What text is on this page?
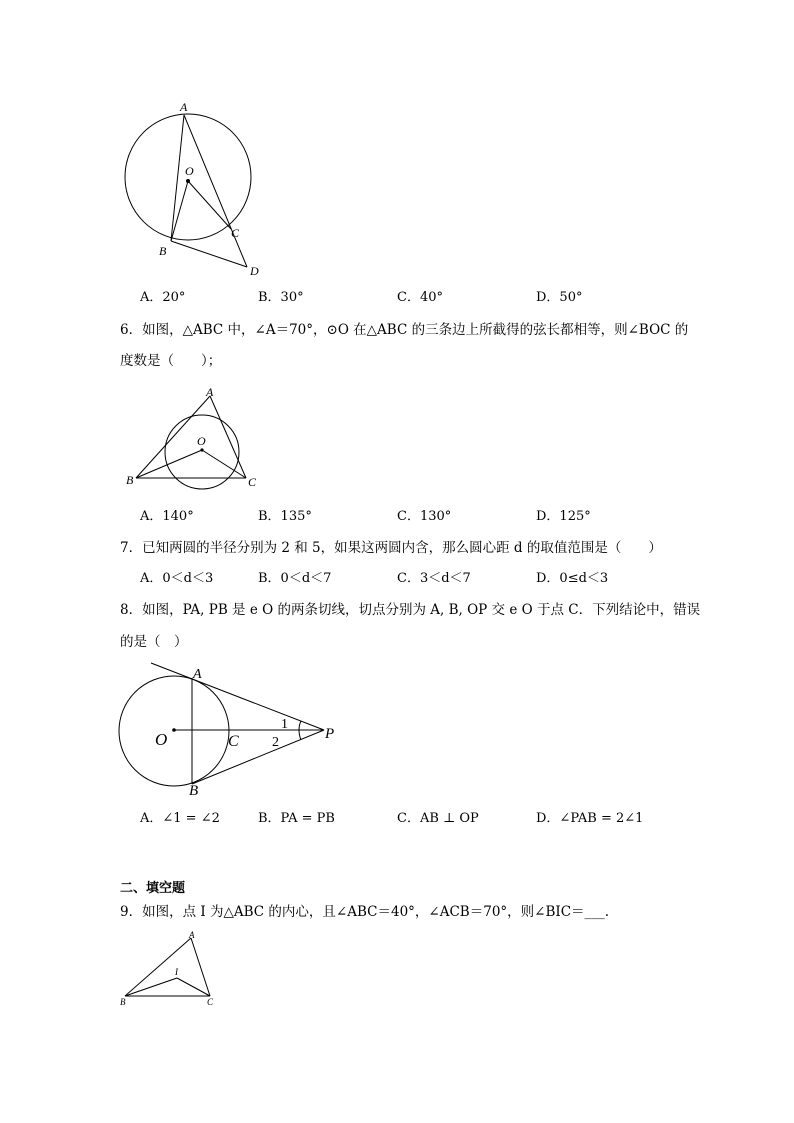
A
O
B
C
D
A．20°	B．30°	C．40°	D．50°
6．如图，△ABC 中，∠A＝70°，⊙O 在△ABC 的三条边上所截得的弦长都相等，则∠BOC 的
度数是（　　）；
A
O
B	C
A．140°	B．135°	C．130°	D．125°
7．已知两圆的半径分别为 2 和 5，如果这两圆内含，那么圆心距 d 的取值范围是（　　）
A．0＜d＜3	B．0＜d＜7	C．3＜d＜7	D．0≤d＜3
8．如图，PA, PB 是 e O 的两条切线，切点分别为 A, B, OP 交 e O 于点 C．下列结论中，错误
的是（　）
A
O	C	P
B
1
2
A．∠1 = ∠2	B．PA = PB	C．AB ⊥ OP	D．∠PAB = 2∠1
二、填空题
9．如图，点 I 为△ABC 的内心，且∠ABC＝40°，∠ACB＝70°，则∠BIC＝___.
A
I
B	C
